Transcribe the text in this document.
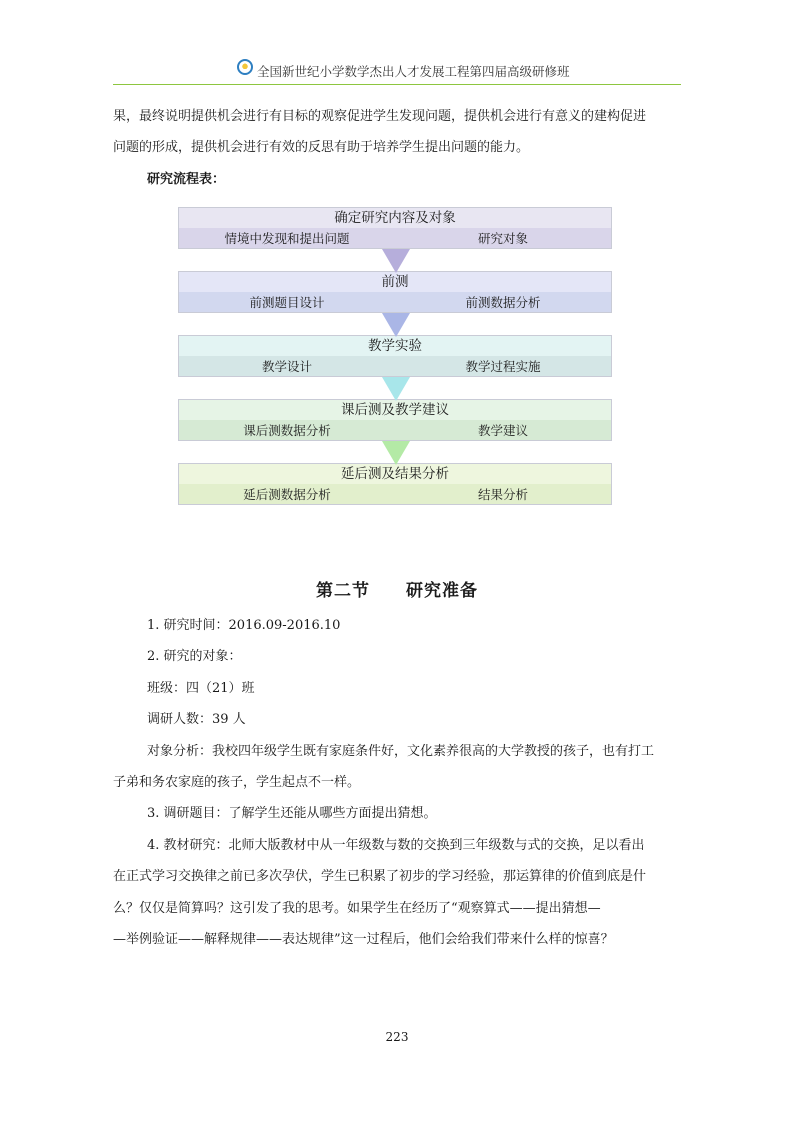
全国新世纪小学数学杰出人才发展工程第四届高级研修班
果，最终说明提供机会进行有目标的观察促进学生发现问题，提供机会进行有意义的建构促进
问题的形成，提供机会进行有效的反思有助于培养学生提出问题的能力。
研究流程表：
确定研究内容及对象
情境中发现和提出问题	研究对象
前测
前测题目设计	前测数据分析
教学实验
教学设计	教学过程实施
课后测及教学建议
课后测数据分析	教学建议
延后测及结果分析
延后测数据分析	结果分析
第二节　　研究准备
1. 研究时间：2016.09-2016.10
2. 研究的对象：
班级：四（21）班
调研人数：39 人
对象分析：我校四年级学生既有家庭条件好，文化素养很高的大学教授的孩子，也有打工
子弟和务农家庭的孩子，学生起点不一样。
3. 调研题目：了解学生还能从哪些方面提出猜想。
4. 教材研究：北师大版教材中从一年级数与数的交换到三年级数与式的交换，足以看出
在正式学习交换律之前已多次孕伏，学生已积累了初步的学习经验，那运算律的价值到底是什
么？仅仅是简算吗？这引发了我的思考。如果学生在经历了“观察算式——提出猜想—
—举例验证——解释规律——表达规律”这一过程后，他们会给我们带来什么样的惊喜？
223
